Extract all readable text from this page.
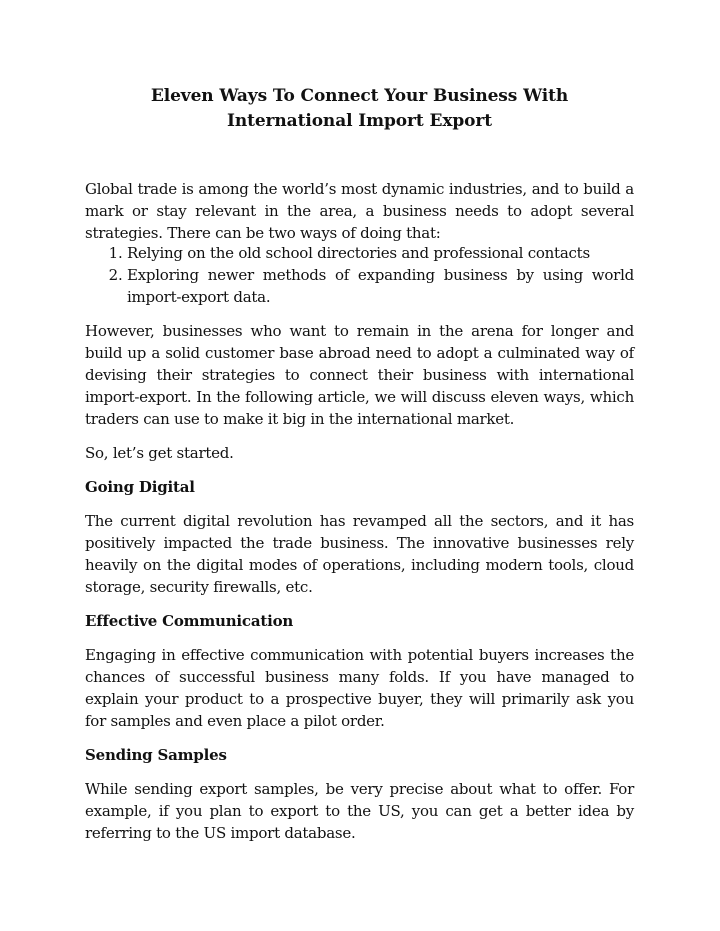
Eleven Ways To Connect Your Business With
International Import Export

Global trade is among the world’s most dynamic industries, and to build a mark or stay relevant in the area, a business needs to adopt several strategies. There can be two ways of doing that:

1. Relying on the old school directories and professional contacts
2. Exploring newer methods of expanding business by using world import-export data.

However, businesses who want to remain in the arena for longer and build up a solid customer base abroad need to adopt a culminated way of devising their strategies to connect their business with international import-export. In the following article, we will discuss eleven ways, which traders can use to make it big in the international market.

So, let’s get started.

Going Digital

The current digital revolution has revamped all the sectors, and it has positively impacted the trade business. The innovative businesses rely heavily on the digital modes of operations, including modern tools, cloud storage, security firewalls, etc.

Effective Communication

Engaging in effective communication with potential buyers increases the chances of successful business many folds. If you have managed to explain your product to a prospective buyer, they will primarily ask you for samples and even place a pilot order.

Sending Samples

While sending export samples, be very precise about what to offer. For example, if you plan to export to the US, you can get a better idea by referring to the US import database.
